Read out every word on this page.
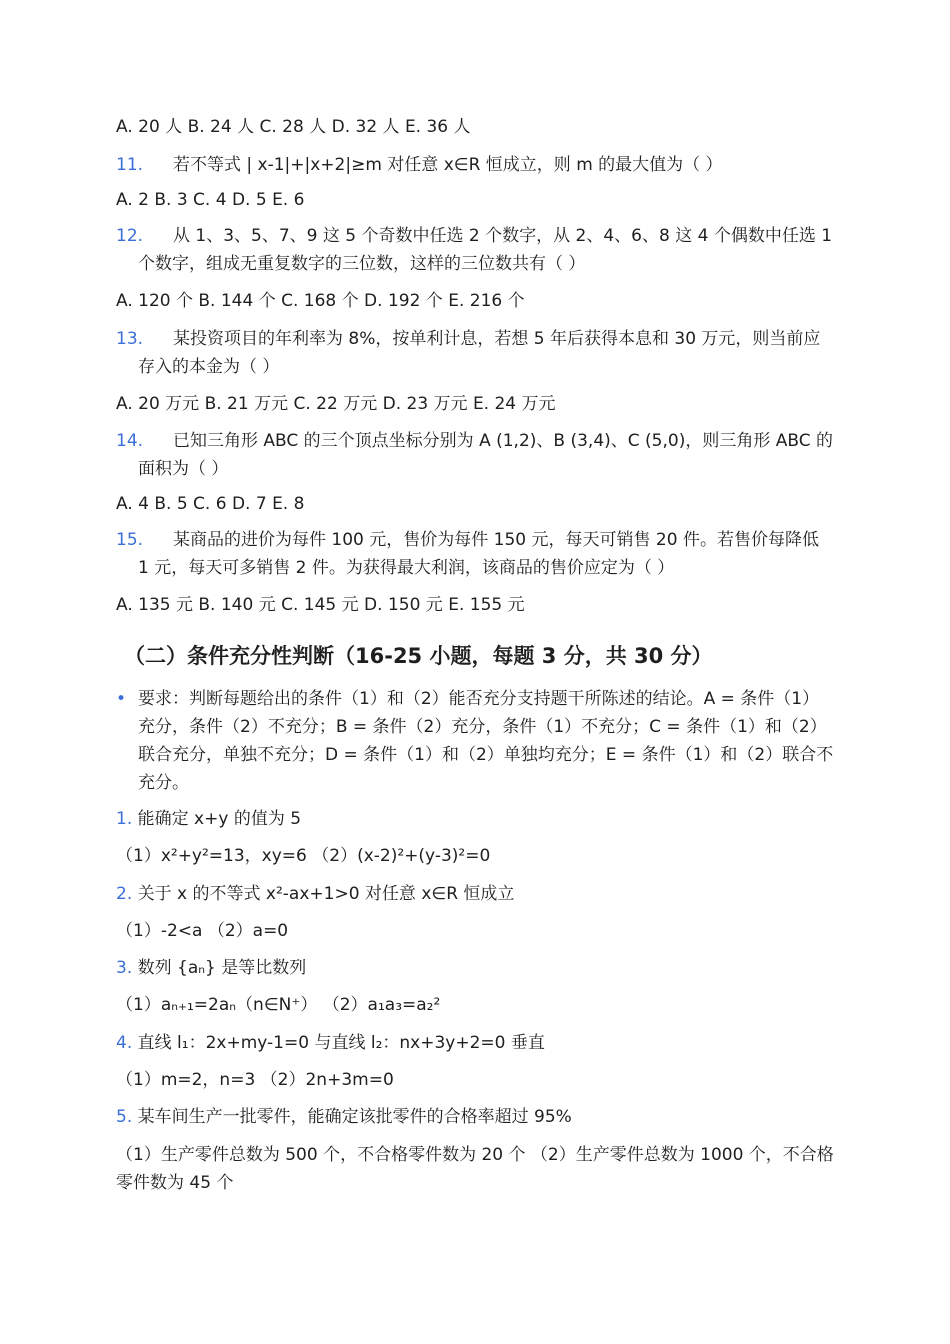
A. 20 人 B. 24 人 C. 28 人 D. 32 人 E. 36 人
11. 若不等式 | x-1|+|x+2|≥m 对任意 x∈R 恒成立，则 m 的最大值为（ ）
A. 2 B. 3 C. 4 D. 5 E. 6
12. 从 1、3、5、7、9 这 5 个奇数中任选 2 个数字，从 2、4、6、8 这 4 个偶数中任选 1
个数字，组成无重复数字的三位数，这样的三位数共有（ ）
A. 120 个 B. 144 个 C. 168 个 D. 192 个 E. 216 个
13. 某投资项目的年利率为 8%，按单利计息，若想 5 年后获得本息和 30 万元，则当前应
存入的本金为（ ）
A. 20 万元 B. 21 万元 C. 22 万元 D. 23 万元 E. 24 万元
14. 已知三角形 ABC 的三个顶点坐标分别为 A (1,2)、B (3,4)、C (5,0)，则三角形 ABC 的
面积为（ ）
A. 4 B. 5 C. 6 D. 7 E. 8
15. 某商品的进价为每件 100 元，售价为每件 150 元，每天可销售 20 件。若售价每降低
1 元，每天可多销售 2 件。为获得最大利润，该商品的售价应定为（ ）
A. 135 元 B. 140 元 C. 145 元 D. 150 元 E. 155 元
（二）条件充分性判断（16-25 小题，每题 3 分，共 30 分）
• 要求：判断每题给出的条件（1）和（2）能否充分支持题干所陈述的结论。A = 条件（1）充分，条件（2）不充分；B = 条件（2）充分，条件（1）不充分；C = 条件（1）和（2）联合充分，单独不充分；D = 条件（1）和（2）单独均充分；E = 条件（1）和（2）联合不充分。
1. 能确定 x+y 的值为 5
（1）x²+y²=13，xy=6 （2）(x-2)²+(y-3)²=0
2. 关于 x 的不等式 x²-ax+1>0 对任意 x∈R 恒成立
（1）-2<a （2）a=0
3. 数列 {aₙ} 是等比数列
（1）aₙ₊₁=2aₙ（n∈N⁺） （2）a₁a₃=a₂²
4. 直线 l₁：2x+my-1=0 与直线 l₂：nx+3y+2=0 垂直
（1）m=2，n=3 （2）2n+3m=0
5. 某车间生产一批零件，能确定该批零件的合格率超过 95%
（1）生产零件总数为 500 个，不合格零件数为 20 个 （2）生产零件总数为 1000 个，不合格零件数为 45 个
